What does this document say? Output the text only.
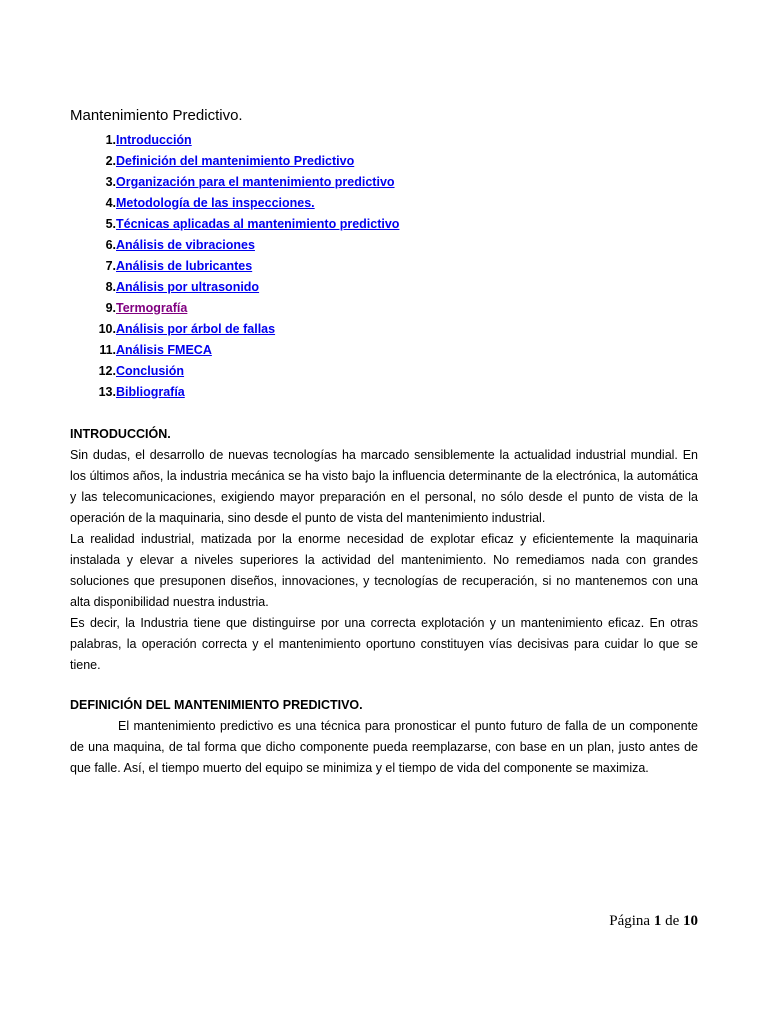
Mantenimiento Predictivo.
1. Introducción
2. Definición del mantenimiento Predictivo
3. Organización para el mantenimiento predictivo
4. Metodología de las inspecciones.
5. Técnicas aplicadas al mantenimiento predictivo
6. Análisis de vibraciones
7. Análisis de lubricantes
8. Análisis por ultrasonido
9. Termografía
10. Análisis por árbol de fallas
11. Análisis FMECA
12. Conclusión
13. Bibliografía

INTRODUCCIÓN.

Sin dudas, el desarrollo de nuevas tecnologías ha marcado sensiblemente la actualidad industrial mundial. En los últimos años, la industria mecánica se ha visto bajo la influencia determinante de la electrónica, la automática y las telecomunicaciones, exigiendo mayor preparación en el personal, no sólo desde el punto de vista de la operación de la maquinaria, sino desde el punto de vista del mantenimiento industrial.

La realidad industrial, matizada por la enorme necesidad de explotar eficaz y eficientemente la maquinaria instalada y elevar a niveles superiores la actividad del mantenimiento. No remediamos nada con grandes soluciones que presuponen diseños, innovaciones, y tecnologías de recuperación, si no mantenemos con una alta disponibilidad nuestra industria.

Es decir, la Industria tiene que distinguirse por una correcta explotación y un mantenimiento eficaz. En otras palabras, la operación correcta y el mantenimiento oportuno constituyen vías decisivas para cuidar lo que se tiene.

DEFINICIÓN DEL MANTENIMIENTO PREDICTIVO.

El mantenimiento predictivo es una técnica para pronosticar el punto futuro de falla de un componente de una maquina, de tal forma que dicho componente pueda reemplazarse, con base en un plan, justo antes de que falle. Así, el tiempo muerto del equipo se minimiza y el tiempo de vida del componente se maximiza.

Página 1 de 10
